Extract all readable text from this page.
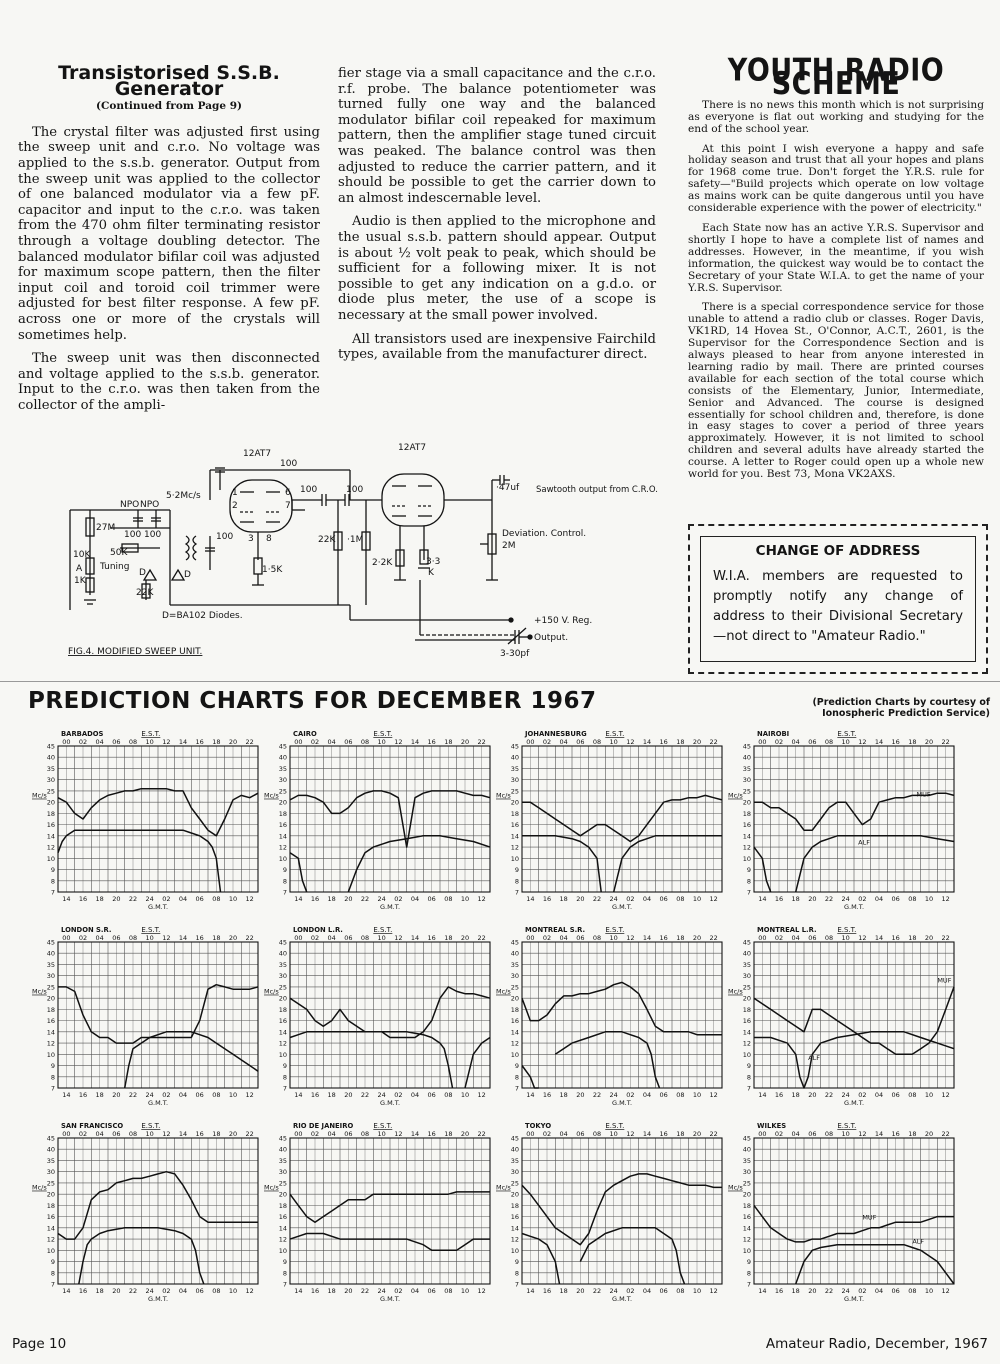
Transistorised S.S.B. Generator
(Continued from Page 9)

The crystal filter was adjusted first using the sweep unit and c.r.o. No voltage was applied to the s.s.b. generator. Output from the sweep unit was applied to the collector of one balanced modulator via a few pF. capacitor and input to the c.r.o. was taken from the 470 ohm filter terminating resistor through a voltage doubling detector. The balanced modulator bifilar coil was adjusted for maximum scope pattern, then the filter input coil and toroid coil trimmer were adjusted for best filter response. A few pF. across one or more of the crystals will sometimes help.

The sweep unit was then disconnected and voltage applied to the s.s.b. generator. Input to the c.r.o. was then taken from the collector of the ampli-

fier stage via a small capacitance and the c.r.o. r.f. probe. The balance potentiometer was turned fully one way and the balanced modulator bifilar coil repeaked for maximum pattern, then the amplifier stage tuned circuit was peaked. The balance control was then adjusted to reduce the carrier pattern, and it should be possible to get the carrier down to an almost indescernable level.

Audio is then applied to the microphone and the usual s.s.b. pattern should appear. Output is about ½ volt peak to peak, which should be sufficient for a following mixer. It is not possible to get any indication on a g.d.o. or diode plus meter, the use of a scope is necessary at the small power involved.

All transistors used are inexpensive Fairchild types, available from the manufacturer direct.

YOUTH RADIO SCHEME

There is no news this month which is not surprising as everyone is flat out working and studying for the end of the school year.

At this point I wish everyone a happy and safe holiday season and trust that all your hopes and plans for 1968 come true. Don't forget the Y.R.S. rule for safety—"Build projects which operate on low voltage as mains work can be quite dangerous until you have considerable experience with the power of electricity."

Each State now has an active Y.R.S. Supervisor and shortly I hope to have a complete list of names and addresses. However, in the meantime, if you wish information, the quickest way would be to contact the Secretary of your State W.I.A. to get the name of your Y.R.S. Supervisor.

There is a special correspondence service for those unable to attend a radio club or classes. Roger Davis, VK1RD, 14 Hovea St., O'Connor, A.C.T., 2601, is the Supervisor for the Correspondence Section and is always pleased to hear from anyone interested in learning radio by mail. There are printed courses available for each section of the total course which consists of the Elementary, Junior, Intermediate, Senior and Advanced. The course is designed essentially for school children and, therefore, is done in easy stages to cover a period of three years approximately. However, it is not limited to school children and several adults have already started the course. A letter to Roger could open up a whole new world for you. Best 73, Mona VK2AXS.

CHANGE OF ADDRESS
W.I.A. members are requested to promptly notify any change of address to their Divisional Secretary —not direct to "Amateur Radio."
12AT7
12AT7
5·2Mc/s
NPO NPO
100 100	100
100	100
100
27M
10K
A
1K
50K
Tuning
D	D
22K
D=BA102 Diodes.
1·5K
22K ·1M
2·2K	3·3
K
·47uf Sawtooth output from C.R.O.
Deviation. Control.
2M
+150 V. Reg.
Output.
3-30pf
1
2
3 8
7
6
FIG.4. MODIFIED SWEEP UNIT.
PREDICTION CHARTS FOR DECEMBER 1967	(Prediction Charts by courtesy of Ionospheric Prediction Service)
7
8
9
10
12
14
16
18
20
25
30
35
40
45
00 02 04 06 08 10 12 14 16 18 20 22
14 16 18 20 22 24 02 04 06 08 10 12
BARBADOS	E.S.T.
G.M.T.
Mc/s
7
8
9
10
12
14
16
18
20
25
30
35
40
45
00 02 04 06 08 10 12 14 16 18 20 22
14 16 18 20 22 24 02 04 06 08 10 12
CAIRO	E.S.T.
G.M.T.
Mc/s
7
8
9
10
12
14
16
18
20
25
30
35
40
45
00 02 04 06 08 10 12 14 16 18 20 22
14 16 18 20 22 24 02 04 06 08 10 12
JOHANNESBURG	E.S.T.
G.M.T.
Mc/s
7
8
9
10
12
14
16
18
20
25
30
35
40
45
00 02 04 06 08 10 12 14 16 18 20 22
14 16 18 20 22 24 02 04 06 08 10 12
NAIROBI	E.S.T.
G.M.T.
Mc/s	MUF
ALF
7
8
9
10
12
14
16
18
20
25
30
35
40
45
00 02 04 06 08 10 12 14 16 18 20 22
14 16 18 20 22 24 02 04 06 08 10 12
LONDON S.R.	E.S.T.
G.M.T.
Mc/s
7
8
9
10
12
14
16
18
20
25
30
35
40
45
00 02 04 06 08 10 12 14 16 18 20 22
14 16 18 20 22 24 02 04 06 08 10 12
LONDON L.R.	E.S.T.
G.M.T.
Mc/s
7
8
9
10
12
14
16
18
20
25
30
35
40
45
00 02 04 06 08 10 12 14 16 18 20 22
14 16 18 20 22 24 02 04 06 08 10 12
MONTREAL S.R.	E.S.T.
G.M.T.
Mc/s
7
8
9
10
12
14
16
18
20
25
30
35
40
45
00 02 04 06 08 10 12 14 16 18 20 22
14 16 18 20 22 24 02 04 06 08 10 12
MONTREAL L.R.	E.S.T.
G.M.T.
Mc/s
MUF
ALF
7
8
9
10
12
14
16
18
20
25
30
35
40
45
00 02 04 06 08 10 12 14 16 18 20 22
14 16 18 20 22 24 02 04 06 08 10 12
SAN FRANCISCO	E.S.T.
G.M.T.
Mc/s
7
8
9
10
12
14
16
18
20
25
30
35
40
45
00 02 04 06 08 10 12 14 16 18 20 22
14 16 18 20 22 24 02 04 06 08 10 12
RIO DE JANEIRO	E.S.T.
G.M.T.
Mc/s
7
8
9
10
12
14
16
18
20
25
30
35
40
45
00 02 04 06 08 10 12 14 16 18 20 22
14 16 18 20 22 24 02 04 06 08 10 12
TOKYO	E.S.T.
G.M.T.
Mc/s
7
8
9
10
12
14
16
18
20
25
30
35
40
45
00 02 04 06 08 10 12 14 16 18 20 22
14 16 18 20 22 24 02 04 06 08 10 12
WILKES	E.S.T.
G.M.T.
Mc/s
MUF
ALF
Page 10	Amateur Radio, December, 1967
